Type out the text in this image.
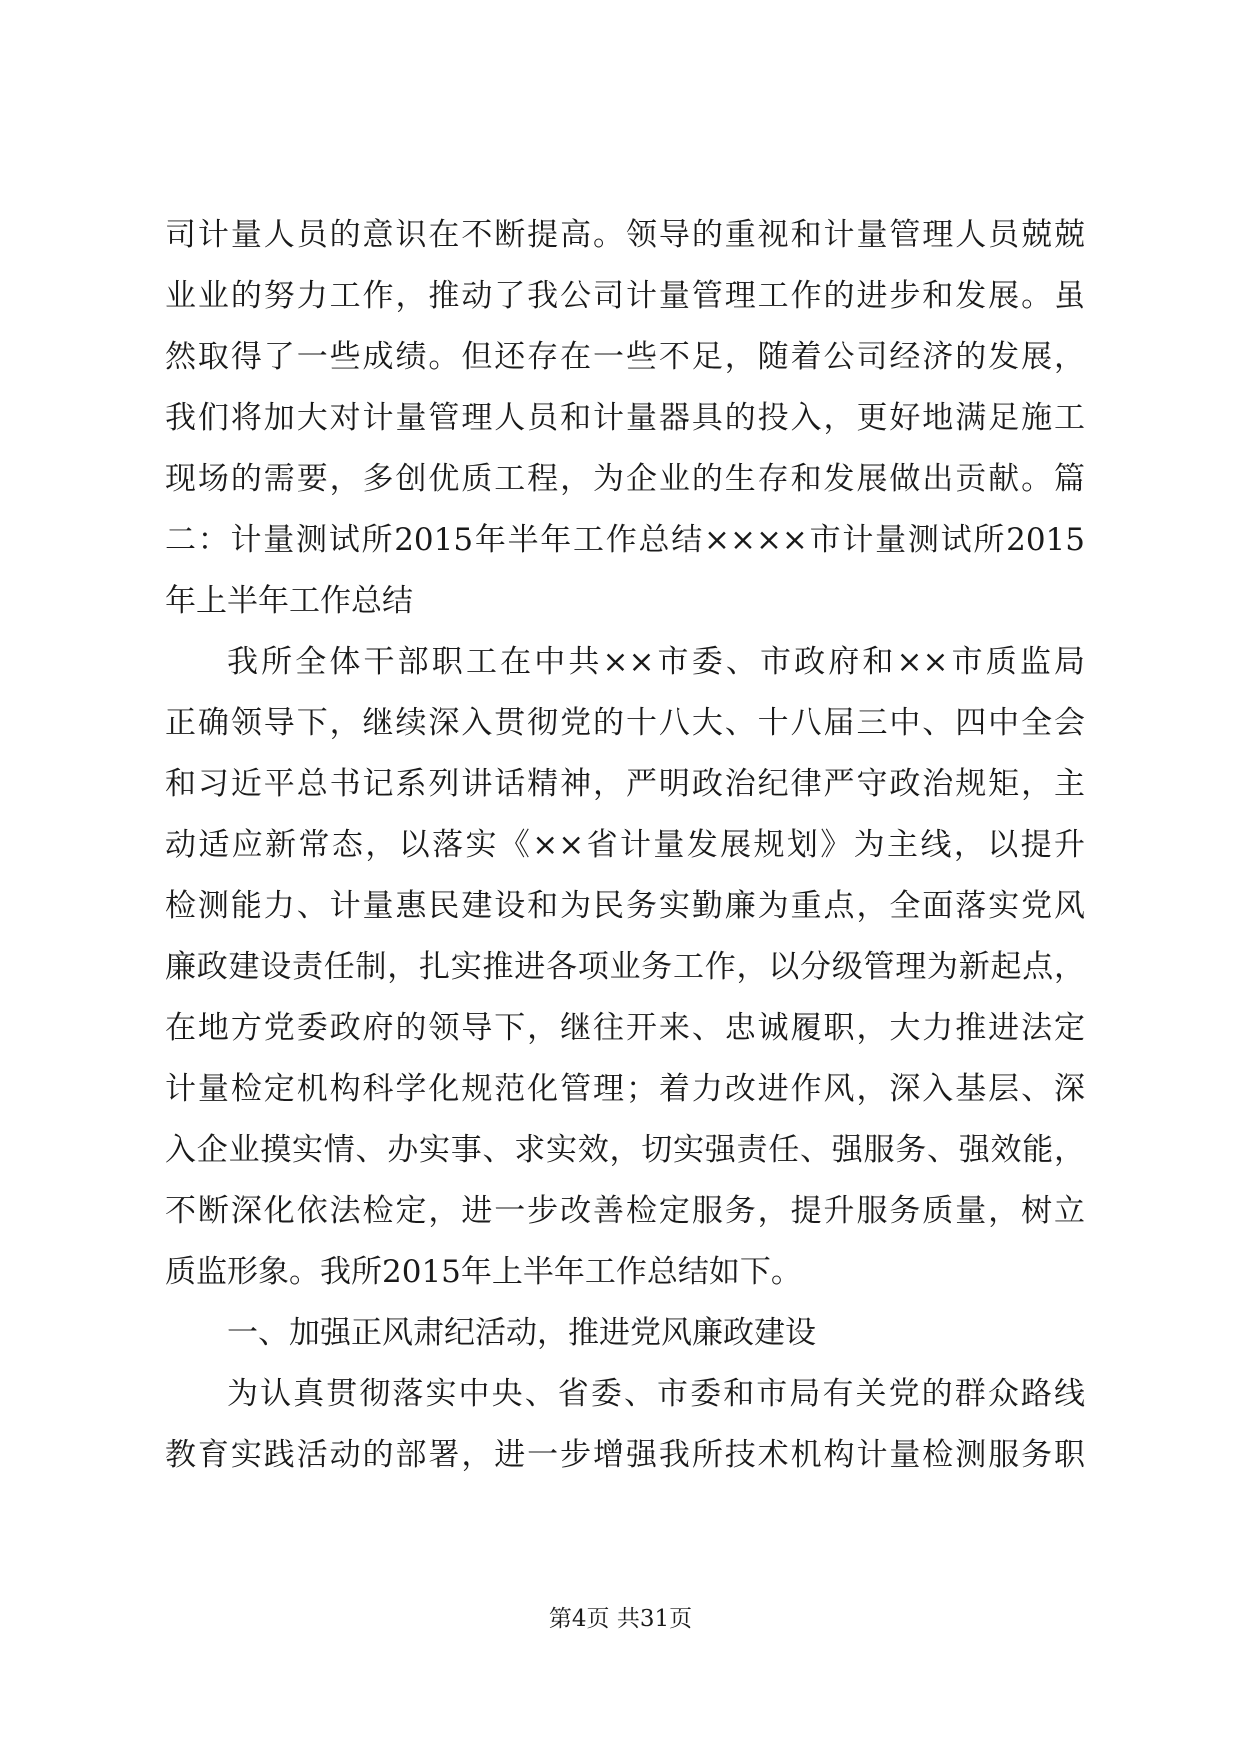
司计量人员的意识在不断提高。领导的重视和计量管理人员兢兢
业业的努力工作，推动了我公司计量管理工作的进步和发展。虽
然取得了一些成绩。但还存在一些不足，随着公司经济的发展，
我们将加大对计量管理人员和计量器具的投入，更好地满足施工
现场的需要，多创优质工程，为企业的生存和发展做出贡献。篇
二：计量测试所2015年半年工作总结××××市计量测试所2015
年上半年工作总结
我所全体干部职工在中共××市委、市政府和××市质监局
正确领导下，继续深入贯彻党的十八大、十八届三中、四中全会
和习近平总书记系列讲话精神，严明政治纪律严守政治规矩，主
动适应新常态，以落实《××省计量发展规划》为主线，以提升
检测能力、计量惠民建设和为民务实勤廉为重点，全面落实党风
廉政建设责任制，扎实推进各项业务工作，以分级管理为新起点，
在地方党委政府的领导下，继往开来、忠诚履职，大力推进法定
计量检定机构科学化规范化管理；着力改进作风，深入基层、深
入企业摸实情、办实事、求实效，切实强责任、强服务、强效能，
不断深化依法检定，进一步改善检定服务，提升服务质量，树立
质监形象。我所2015年上半年工作总结如下。
一、加强正风肃纪活动，推进党风廉政建设
为认真贯彻落实中央、省委、市委和市局有关党的群众路线
教育实践活动的部署，进一步增强我所技术机构计量检测服务职
第4页 共31页
